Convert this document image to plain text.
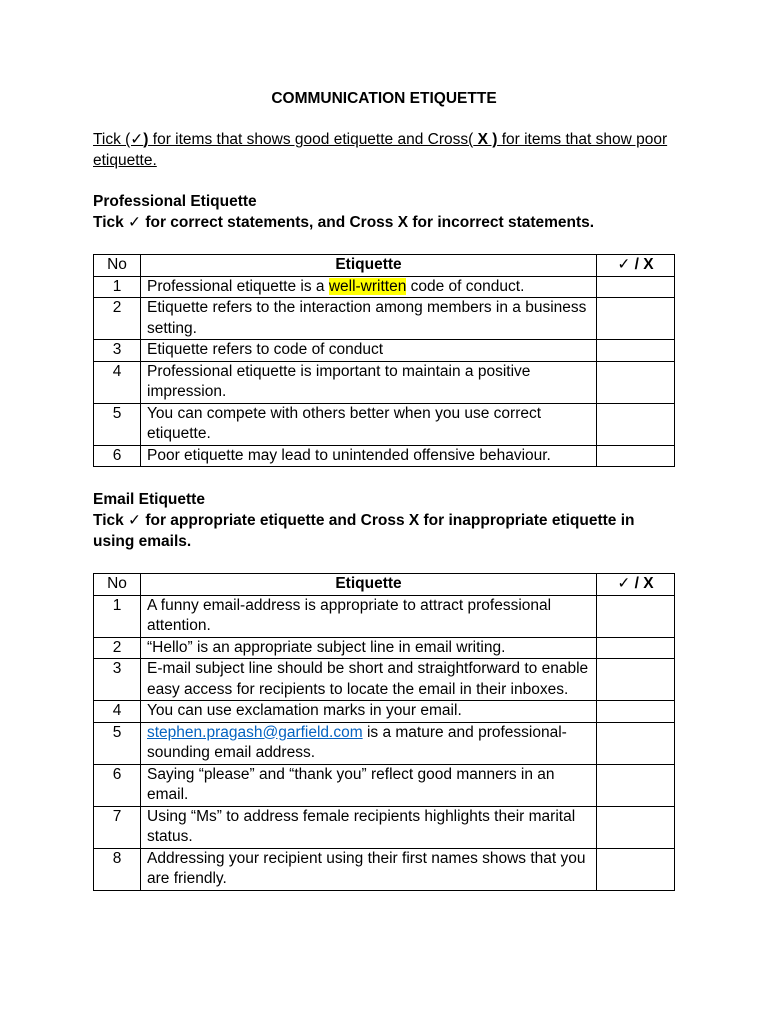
COMMUNICATION ETIQUETTE
Tick (✓) for items that shows good etiquette and Cross( X ) for items that show poor etiquette.
Professional Etiquette
Tick ✓ for correct statements, and Cross X for incorrect statements.
No	Etiquette	✓ / X
1	Professional etiquette is a well-written code of conduct.	
2	Etiquette refers to the interaction among members in a business setting.	
3	Etiquette refers to code of conduct	
4	Professional etiquette is important to maintain a positive impression.	
5	You can compete with others better when you use correct etiquette.	
6	Poor etiquette may lead to unintended offensive behaviour.	
Email Etiquette
Tick ✓ for appropriate etiquette and Cross X for inappropriate etiquette in using emails.
No	Etiquette	✓ / X
1	A funny email-address is appropriate to attract professional attention.	
2	“Hello” is an appropriate subject line in email writing.	
3	E-mail subject line should be short and straightforward to enable easy access for recipients to locate the email in their inboxes.	
4	You can use exclamation marks in your email.	
5	stephen.pragash@garfield.com is a mature and professional-sounding email address.	
6	Saying “please” and “thank you” reflect good manners in an email.	
7	Using “Ms” to address female recipients highlights their marital status.	
8	Addressing your recipient using their first names shows that you are friendly.	
